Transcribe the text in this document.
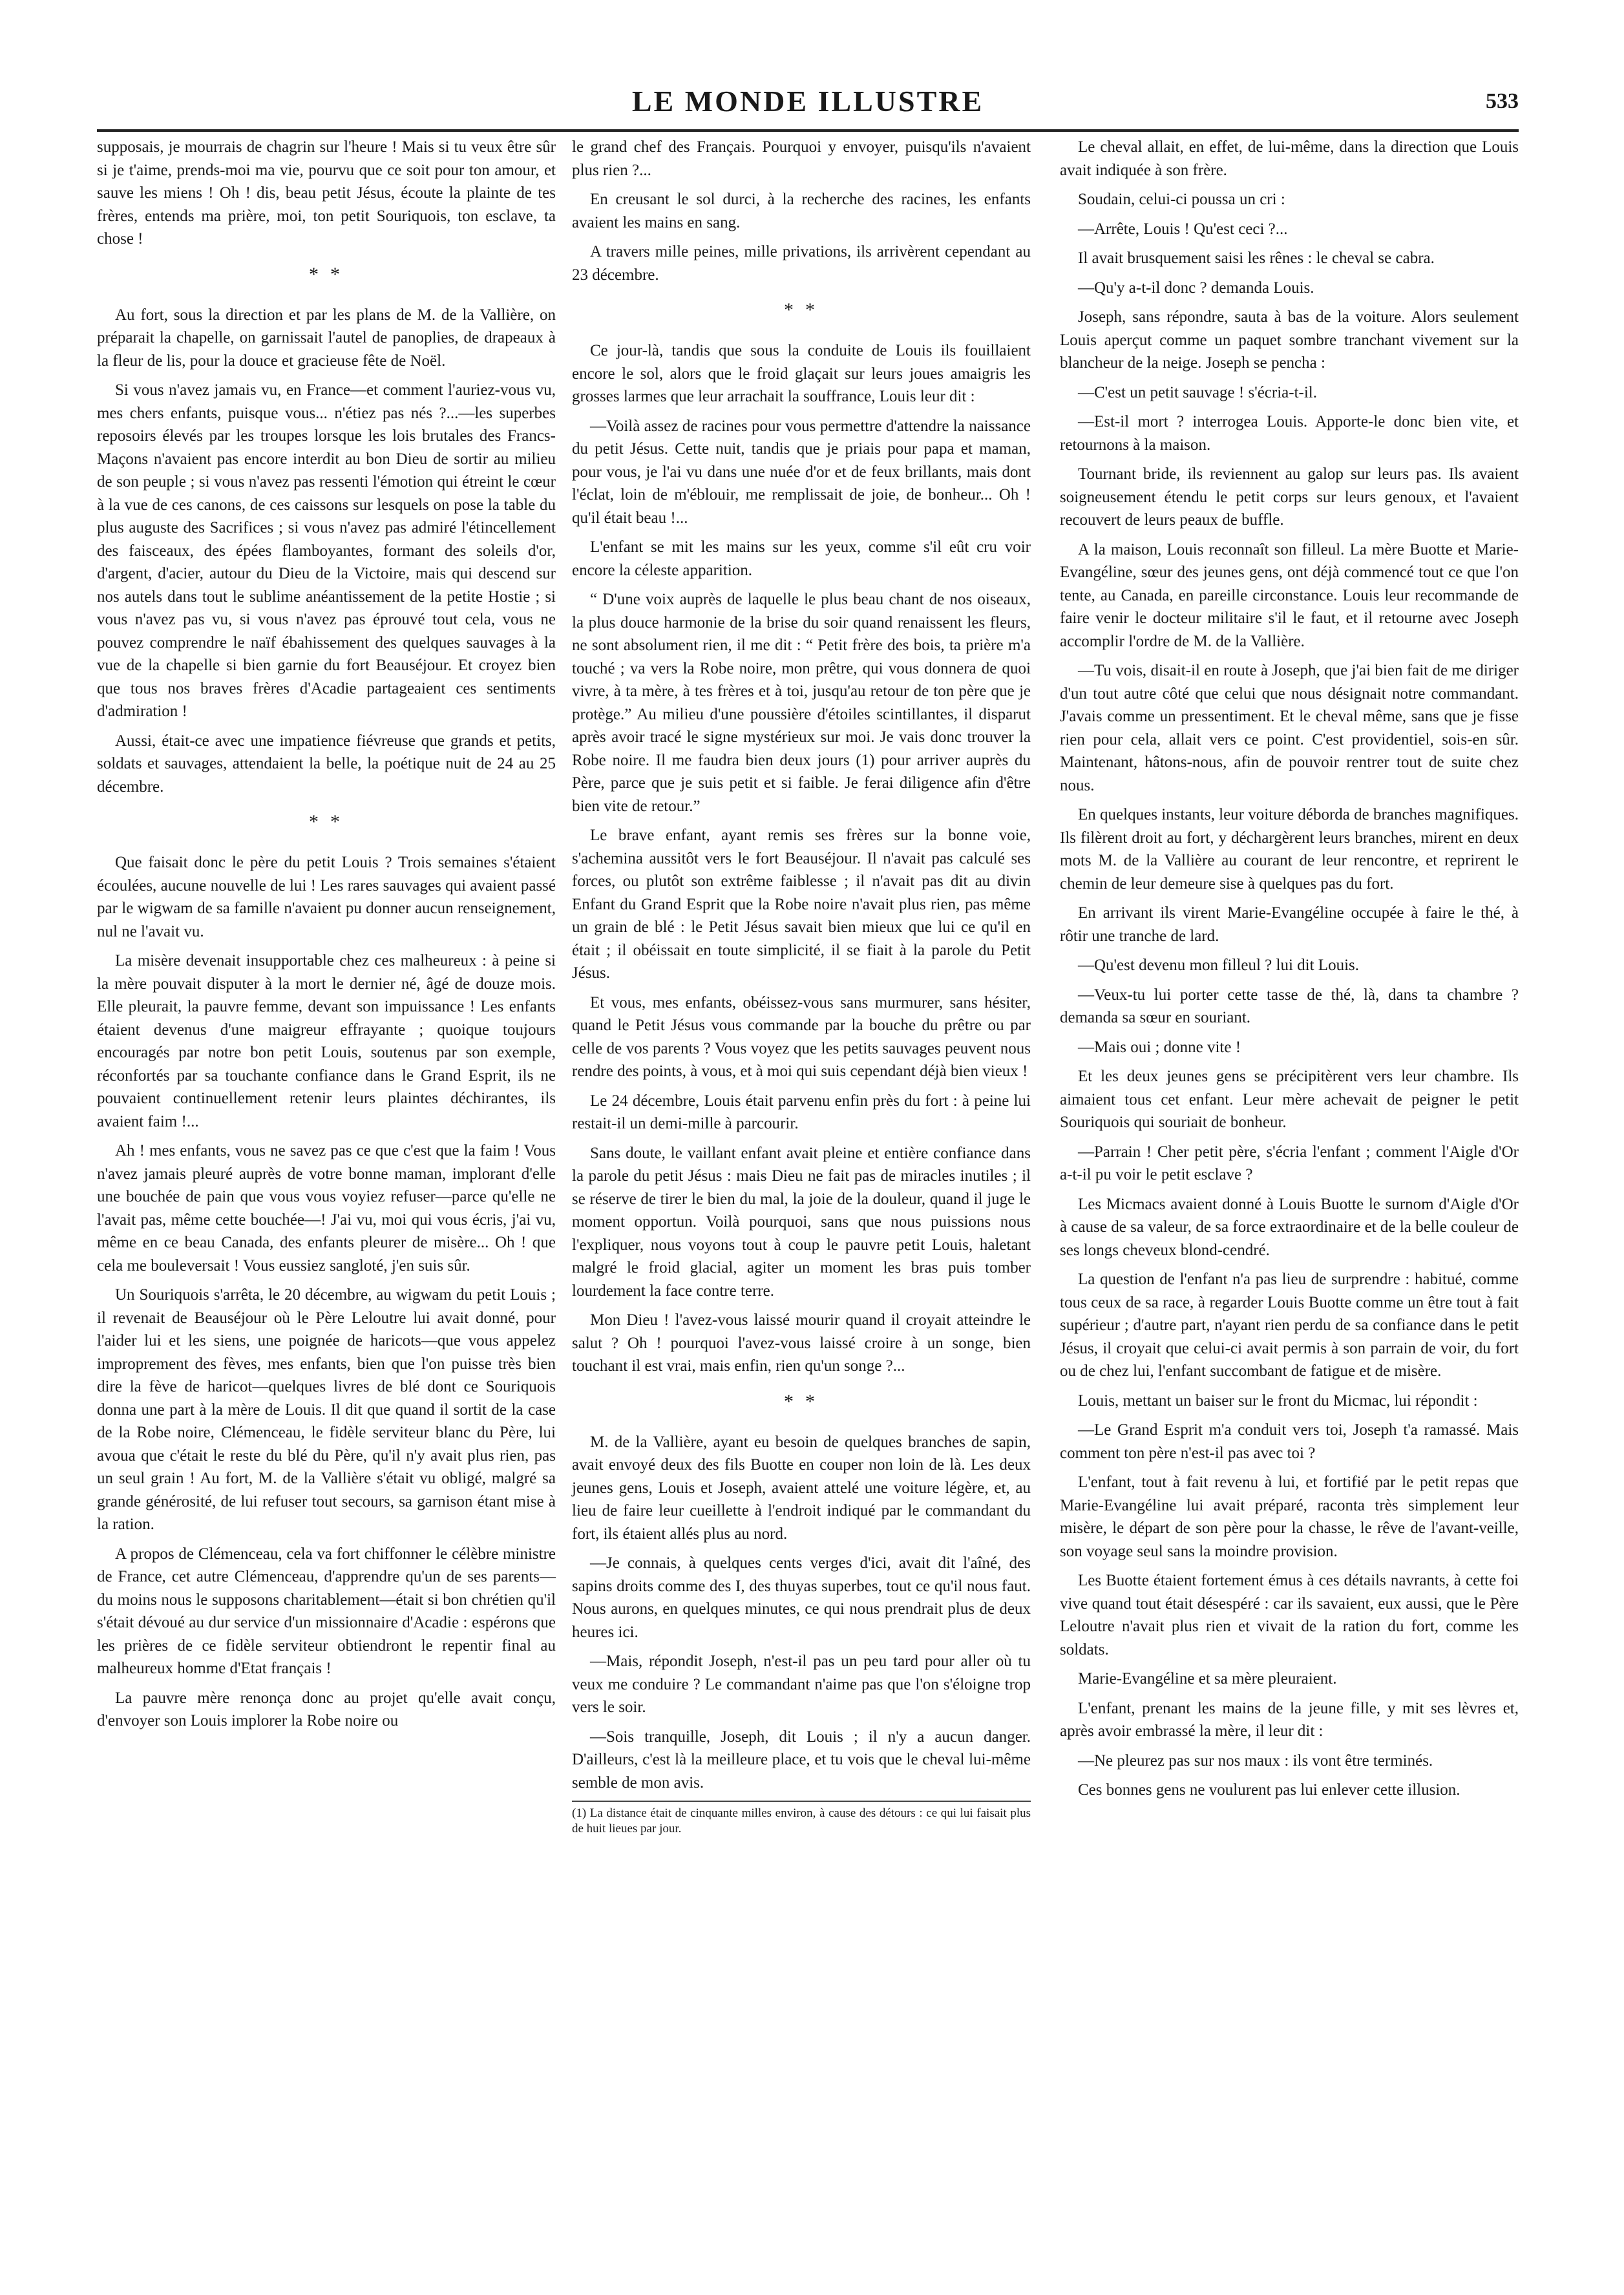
LE MONDE ILLUSTRE	533

supposais, je mourrais de chagrin sur l'heure ! Mais si tu veux être sûr si je t'aime, prends-moi ma vie, pourvu que ce soit pour ton amour, et sauve les miens ! Oh ! dis, beau petit Jésus, écoute la plainte de tes frères, entends ma prière, moi, ton petit Souriquois, ton esclave, ta chose !

* *

Au fort, sous la direction et par les plans de M. de la Vallière, on préparait la chapelle, on garnissait l'autel de panoplies, de drapeaux à la fleur de lis, pour la douce et gracieuse fête de Noël.

Si vous n'avez jamais vu, en France—et comment l'auriez-vous vu, mes chers enfants, puisque vous... n'étiez pas nés ?...—les superbes reposoirs élevés par les troupes lorsque les lois brutales des Francs-Maçons n'avaient pas encore interdit au bon Dieu de sortir au milieu de son peuple ; si vous n'avez pas ressenti l'émotion qui étreint le cœur à la vue de ces canons, de ces caissons sur lesquels on pose la table du plus auguste des Sacrifices ; si vous n'avez pas admiré l'étincellement des faisceaux, des épées flamboyantes, formant des soleils d'or, d'argent, d'acier, autour du Dieu de la Victoire, mais qui descend sur nos autels dans tout le sublime anéantissement de la petite Hostie ; si vous n'avez pas vu, si vous n'avez pas éprouvé tout cela, vous ne pouvez comprendre le naïf ébahissement des quelques sauvages à la vue de la chapelle si bien garnie du fort Beauséjour. Et croyez bien que tous nos braves frères d'Acadie partageaient ces sentiments d'admiration !

Aussi, était-ce avec une impatience fiévreuse que grands et petits, soldats et sauvages, attendaient la belle, la poétique nuit de 24 au 25 décembre.

* *

Que faisait donc le père du petit Louis ? Trois semaines s'étaient écoulées, aucune nouvelle de lui ! Les rares sauvages qui avaient passé par le wigwam de sa famille n'avaient pu donner aucun renseignement, nul ne l'avait vu.

La misère devenait insupportable chez ces malheureux : à peine si la mère pouvait disputer à la mort le dernier né, âgé de douze mois. Elle pleurait, la pauvre femme, devant son impuissance ! Les enfants étaient devenus d'une maigreur effrayante ; quoique toujours encouragés par notre bon petit Louis, soutenus par son exemple, réconfortés par sa touchante confiance dans le Grand Esprit, ils ne pouvaient continuellement retenir leurs plaintes déchirantes, ils avaient faim !...

Ah ! mes enfants, vous ne savez pas ce que c'est que la faim ! Vous n'avez jamais pleuré auprès de votre bonne maman, implorant d'elle une bouchée de pain que vous vous voyiez refuser—parce qu'elle ne l'avait pas, même cette bouchée—! J'ai vu, moi qui vous écris, j'ai vu, même en ce beau Canada, des enfants pleurer de misère... Oh ! que cela me bouleversait ! Vous eussiez sangloté, j'en suis sûr.

Un Souriquois s'arrêta, le 20 décembre, au wigwam du petit Louis ; il revenait de Beauséjour où le Père Leloutre lui avait donné, pour l'aider lui et les siens, une poignée de haricots—que vous appelez improprement des fèves, mes enfants, bien que l'on puisse très bien dire la fève de haricot—quelques livres de blé dont ce Souriquois donna une part à la mère de Louis. Il dit que quand il sortit de la case de la Robe noire, Clémenceau, le fidèle serviteur blanc du Père, lui avoua que c'était le reste du blé du Père, qu'il n'y avait plus rien, pas un seul grain ! Au fort, M. de la Vallière s'était vu obligé, malgré sa grande générosité, de lui refuser tout secours, sa garnison étant mise à la ration.

A propos de Clémenceau, cela va fort chiffonner le célèbre ministre de France, cet autre Clémenceau, d'apprendre qu'un de ses parents—du moins nous le supposons charitablement—était si bon chrétien qu'il s'était dévoué au dur service d'un missionnaire d'Acadie : espérons que les prières de ce fidèle serviteur obtiendront le repentir final au malheureux homme d'Etat français !

La pauvre mère renonça donc au projet qu'elle avait conçu, d'envoyer son Louis implorer la Robe noire ou

le grand chef des Français. Pourquoi y envoyer, puisqu'ils n'avaient plus rien ?...

En creusant le sol durci, à la recherche des racines, les enfants avaient les mains en sang.

A travers mille peines, mille privations, ils arrivèrent cependant au 23 décembre.

* *

Ce jour-là, tandis que sous la conduite de Louis ils fouillaient encore le sol, alors que le froid glaçait sur leurs joues amaigris les grosses larmes que leur arrachait la souffrance, Louis leur dit :

—Voilà assez de racines pour vous permettre d'attendre la naissance du petit Jésus. Cette nuit, tandis que je priais pour papa et maman, pour vous, je l'ai vu dans une nuée d'or et de feux brillants, mais dont l'éclat, loin de m'éblouir, me remplissait de joie, de bonheur... Oh ! qu'il était beau !...

L'enfant se mit les mains sur les yeux, comme s'il eût cru voir encore la céleste apparition.

“ D'une voix auprès de laquelle le plus beau chant de nos oiseaux, la plus douce harmonie de la brise du soir quand renaissent les fleurs, ne sont absolument rien, il me dit : “ Petit frère des bois, ta prière m'a touché ; va vers la Robe noire, mon prêtre, qui vous donnera de quoi vivre, à ta mère, à tes frères et à toi, jusqu'au retour de ton père que je protège.” Au milieu d'une poussière d'étoiles scintillantes, il disparut après avoir tracé le signe mystérieux sur moi. Je vais donc trouver la Robe noire. Il me faudra bien deux jours (1) pour arriver auprès du Père, parce que je suis petit et si faible. Je ferai diligence afin d'être bien vite de retour.”

Le brave enfant, ayant remis ses frères sur la bonne voie, s'achemina aussitôt vers le fort Beauséjour. Il n'avait pas calculé ses forces, ou plutôt son extrême faiblesse ; il n'avait pas dit au divin Enfant du Grand Esprit que la Robe noire n'avait plus rien, pas même un grain de blé : le Petit Jésus savait bien mieux que lui ce qu'il en était ; il obéissait en toute simplicité, il se fiait à la parole du Petit Jésus.

Et vous, mes enfants, obéissez-vous sans murmurer, sans hésiter, quand le Petit Jésus vous commande par la bouche du prêtre ou par celle de vos parents ? Vous voyez que les petits sauvages peuvent nous rendre des points, à vous, et à moi qui suis cependant déjà bien vieux !

Le 24 décembre, Louis était parvenu enfin près du fort : à peine lui restait-il un demi-mille à parcourir.

Sans doute, le vaillant enfant avait pleine et entière confiance dans la parole du petit Jésus : mais Dieu ne fait pas de miracles inutiles ; il se réserve de tirer le bien du mal, la joie de la douleur, quand il juge le moment opportun. Voilà pourquoi, sans que nous puissions nous l'expliquer, nous voyons tout à coup le pauvre petit Louis, haletant malgré le froid glacial, agiter un moment les bras puis tomber lourdement la face contre terre.

Mon Dieu ! l'avez-vous laissé mourir quand il croyait atteindre le salut ? Oh ! pourquoi l'avez-vous laissé croire à un songe, bien touchant il est vrai, mais enfin, rien qu'un songe ?...

* *

M. de la Vallière, ayant eu besoin de quelques branches de sapin, avait envoyé deux des fils Buotte en couper non loin de là. Les deux jeunes gens, Louis et Joseph, avaient attelé une voiture légère, et, au lieu de faire leur cueillette à l'endroit indiqué par le commandant du fort, ils étaient allés plus au nord.

—Je connais, à quelques cents verges d'ici, avait dit l'aîné, des sapins droits comme des I, des thuyas superbes, tout ce qu'il nous faut. Nous aurons, en quelques minutes, ce qui nous prendrait plus de deux heures ici.

—Mais, répondit Joseph, n'est-il pas un peu tard pour aller où tu veux me conduire ? Le commandant n'aime pas que l'on s'éloigne trop vers le soir.

—Sois tranquille, Joseph, dit Louis ; il n'y a aucun danger. D'ailleurs, c'est là la meilleure place, et tu vois que le cheval lui-même semble de mon avis.

(1) La distance était de cinquante milles environ, à cause des détours : ce qui lui faisait plus de huit lieues par jour.

Le cheval allait, en effet, de lui-même, dans la direction que Louis avait indiquée à son frère.

Soudain, celui-ci poussa un cri :

—Arrête, Louis ! Qu'est ceci ?...

Il avait brusquement saisi les rênes : le cheval se cabra.

—Qu'y a-t-il donc ? demanda Louis.

Joseph, sans répondre, sauta à bas de la voiture. Alors seulement Louis aperçut comme un paquet sombre tranchant vivement sur la blancheur de la neige. Joseph se pencha :

—C'est un petit sauvage ! s'écria-t-il.

—Est-il mort ? interrogea Louis. Apporte-le donc bien vite, et retournons à la maison.

Tournant bride, ils reviennent au galop sur leurs pas. Ils avaient soigneusement étendu le petit corps sur leurs genoux, et l'avaient recouvert de leurs peaux de buffle.

A la maison, Louis reconnaît son filleul. La mère Buotte et Marie-Evangéline, sœur des jeunes gens, ont déjà commencé tout ce que l'on tente, au Canada, en pareille circonstance. Louis leur recommande de faire venir le docteur militaire s'il le faut, et il retourne avec Joseph accomplir l'ordre de M. de la Vallière.

—Tu vois, disait-il en route à Joseph, que j'ai bien fait de me diriger d'un tout autre côté que celui que nous désignait notre commandant. J'avais comme un pressentiment. Et le cheval même, sans que je fisse rien pour cela, allait vers ce point. C'est providentiel, sois-en sûr. Maintenant, hâtons-nous, afin de pouvoir rentrer tout de suite chez nous.

En quelques instants, leur voiture déborda de branches magnifiques. Ils filèrent droit au fort, y déchargèrent leurs branches, mirent en deux mots M. de la Vallière au courant de leur rencontre, et reprirent le chemin de leur demeure sise à quelques pas du fort.

En arrivant ils virent Marie-Evangéline occupée à faire le thé, à rôtir une tranche de lard.

—Qu'est devenu mon filleul ? lui dit Louis.

—Veux-tu lui porter cette tasse de thé, là, dans ta chambre ? demanda sa sœur en souriant.

—Mais oui ; donne vite !

Et les deux jeunes gens se précipitèrent vers leur chambre. Ils aimaient tous cet enfant. Leur mère achevait de peigner le petit Souriquois qui souriait de bonheur.

—Parrain ! Cher petit père, s'écria l'enfant ; comment l'Aigle d'Or a-t-il pu voir le petit esclave ?

Les Micmacs avaient donné à Louis Buotte le surnom d'Aigle d'Or à cause de sa valeur, de sa force extraordinaire et de la belle couleur de ses longs cheveux blond-cendré.

La question de l'enfant n'a pas lieu de surprendre : habitué, comme tous ceux de sa race, à regarder Louis Buotte comme un être tout à fait supérieur ; d'autre part, n'ayant rien perdu de sa confiance dans le petit Jésus, il croyait que celui-ci avait permis à son parrain de voir, du fort ou de chez lui, l'enfant succombant de fatigue et de misère.

Louis, mettant un baiser sur le front du Micmac, lui répondit :

—Le Grand Esprit m'a conduit vers toi, Joseph t'a ramassé. Mais comment ton père n'est-il pas avec toi ?

L'enfant, tout à fait revenu à lui, et fortifié par le petit repas que Marie-Evangéline lui avait préparé, raconta très simplement leur misère, le départ de son père pour la chasse, le rêve de l'avant-veille, son voyage seul sans la moindre provision.

Les Buotte étaient fortement émus à ces détails navrants, à cette foi vive quand tout était désespéré : car ils savaient, eux aussi, que le Père Leloutre n'avait plus rien et vivait de la ration du fort, comme les soldats.

Marie-Evangéline et sa mère pleuraient.

L'enfant, prenant les mains de la jeune fille, y mit ses lèvres et, après avoir embrassé la mère, il leur dit :

—Ne pleurez pas sur nos maux : ils vont être terminés.

Ces bonnes gens ne voulurent pas lui enlever cette illusion.
